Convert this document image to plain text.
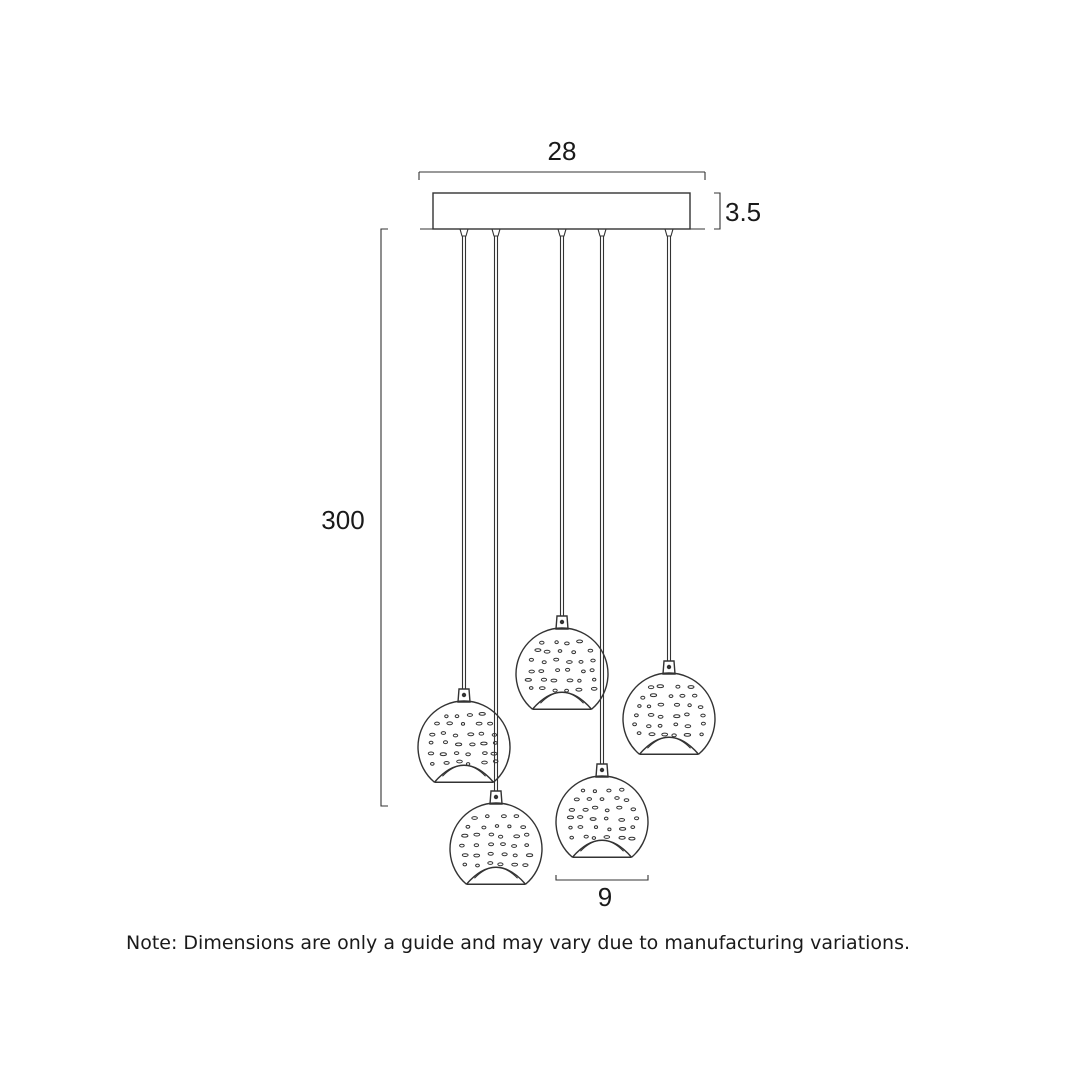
28
3.5
300
9
Note: Dimensions are only a guide and may vary due to manufacturing variations.
